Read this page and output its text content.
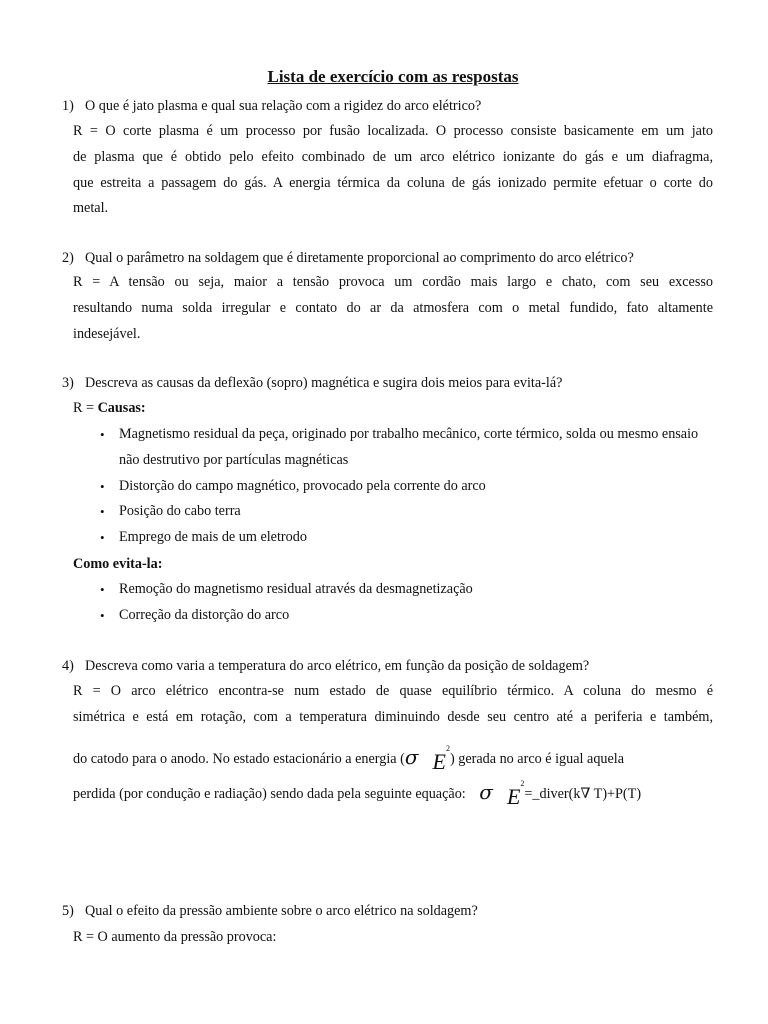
Lista de exercício com as respostas
1) O que é jato plasma e qual sua relação com a rigidez do arco elétrico?
R = O corte plasma é um processo por fusão localizada. O processo consiste basicamente em um jato
de plasma que é obtido pelo efeito combinado de um arco elétrico ionizante do gás e um diafragma,
que estreita a passagem do gás. A energia térmica da coluna de gás ionizado permite efetuar o corte do
metal.
2) Qual o parâmetro na soldagem que é diretamente proporcional ao comprimento do arco elétrico?
R = A tensão ou seja, maior a tensão provoca um cordão mais largo e chato, com seu excesso
resultando numa solda irregular e contato do ar da atmosfera com o metal fundido, fato altamente
indesejável.
3) Descreva as causas da deflexão (sopro) magnética e sugira dois meios para evita-lá?
R = Causas:
• Magnetismo residual da peça, originado por trabalho mecânico, corte térmico, solda ou mesmo ensaio não destrutivo por partículas magnéticas
• Distorção do campo magnético, provocado pela corrente do arco
• Posição do cabo terra
• Emprego de mais de um eletrodo
Como evita-la:
• Remoção do magnetismo residual através da desmagnetização
• Correção da distorção do arco
4) Descreva como varia a temperatura do arco elétrico, em função da posição de soldagem?
R = O arco elétrico encontra-se num estado de quase equilíbrio térmico. A coluna do mesmo é
simétrica e está em rotação, com a temperatura diminuindo desde seu centro até a periferia e também,
do catodo para o anodo. No estado estacionário a energia (σ $E^2$) gerada no arco é igual aquela
perdida (por condução e radiação) sendo dada pela seguinte equação: σ $E^2=\_diver(k\nabla$ T)+P(T)
5) Qual o efeito da pressão ambiente sobre o arco elétrico na soldagem?
R = O aumento da pressão provoca:
